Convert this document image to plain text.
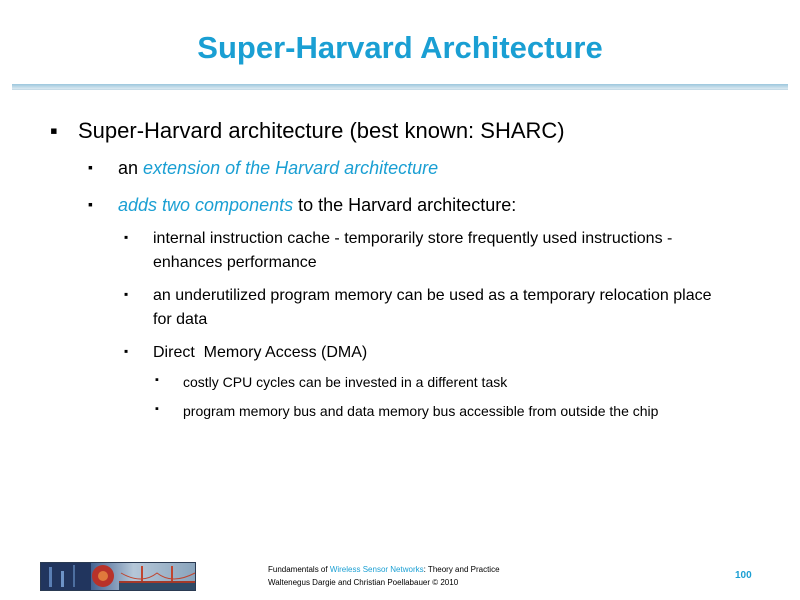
Super-Harvard Architecture
▪ Super-Harvard architecture (best known: SHARC)
▪ an extension of the Harvard architecture
▪ adds two components to the Harvard architecture:
▪ internal instruction cache - temporarily store frequently used instructions - enhances performance
▪ an underutilized program memory can be used as a temporary relocation place for data
▪ Direct  Memory Access (DMA)
▪ costly CPU cycles can be invested in a different task
▪ program memory bus and data memory bus accessible from outside the chip
Fundamentals of Wireless Sensor Networks: Theory and Practice
Waltenegus Dargie and Christian Poellabauer © 2010
100
